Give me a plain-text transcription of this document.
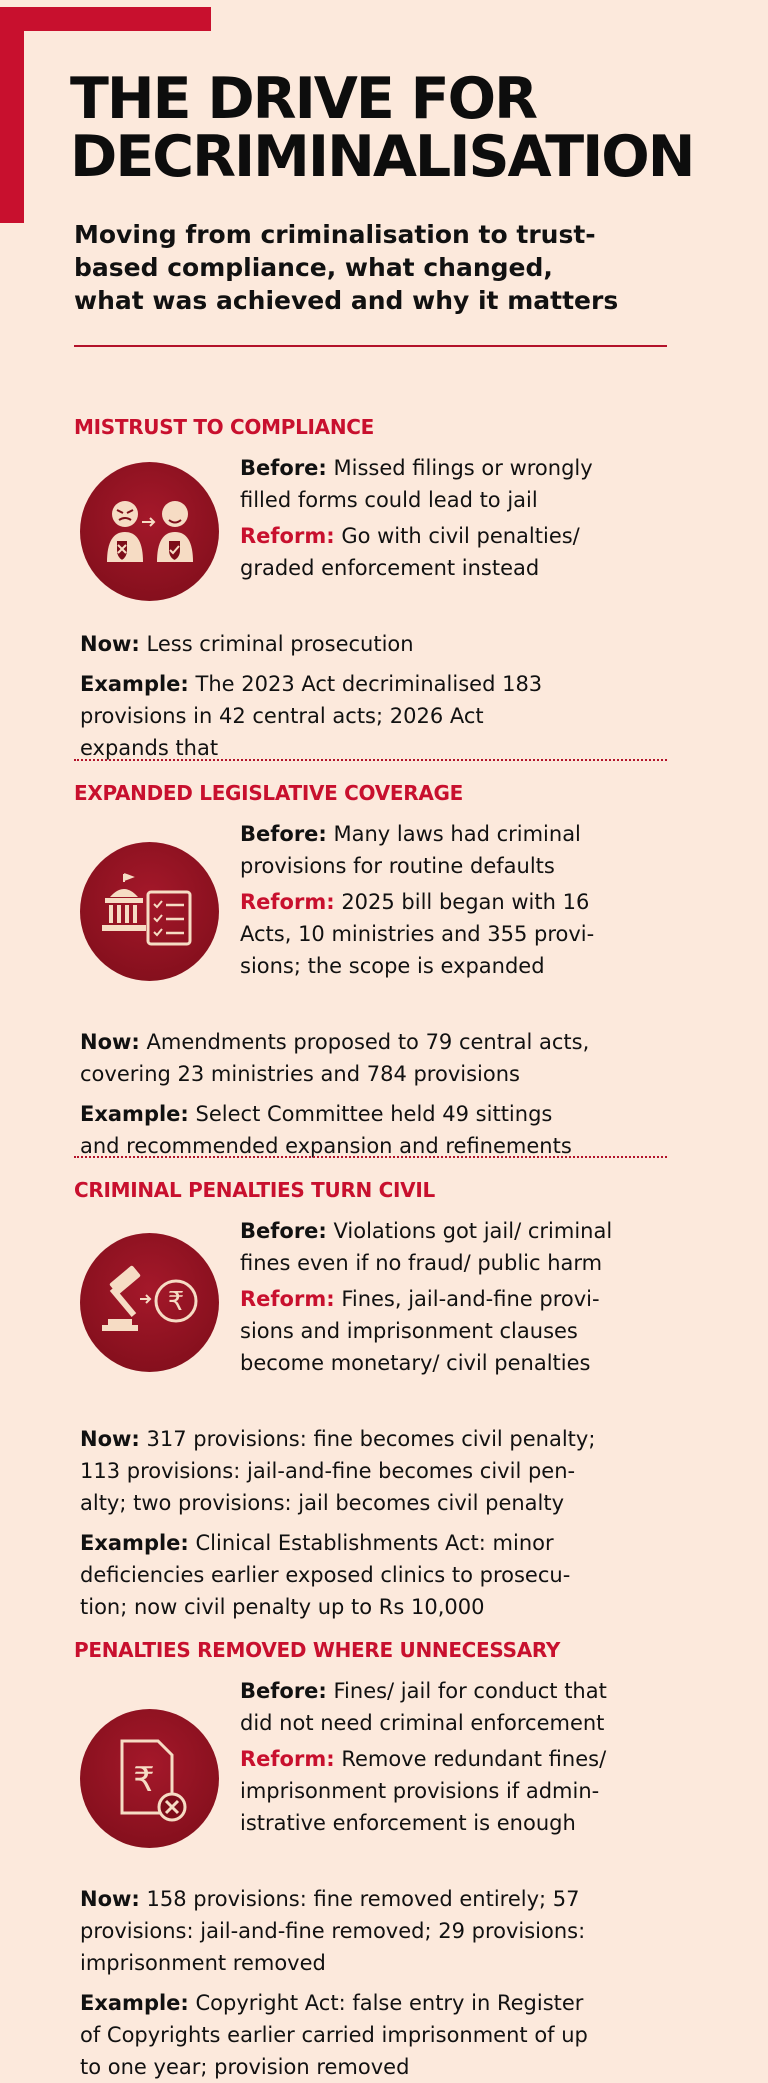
THE DRIVE FOR
DECRIMINALISATION
Moving from criminalisation to trust-
based compliance, what changed,
what was achieved and why it matters
MISTRUST TO COMPLIANCE

Before: Missed filings or wrongly

filled forms could lead to jail

Reform: Go with civil penalties/

graded enforcement instead

Now: Less criminal prosecution

Example: The 2023 Act decriminalised 183
provisions in 42 central acts; 2026 Act
expands that

EXPANDED LEGISLATIVE COVERAGE

Before: Many laws had criminal

provisions for routine defaults

Reform: 2025 bill began with 16

Acts, 10 ministries and 355 provi-

sions; the scope is expanded

Now: Amendments proposed to 79 central acts,
covering 23 ministries and 784 provisions

Example: Select Committee held 49 sittings
and recommended expansion and refinements

CRIMINAL PENALTIES TURN CIVIL
₹

Before: Violations got jail/ criminal

fines even if no fraud/ public harm

Reform: Fines, jail-and-fine provi-

sions and imprisonment clauses

become monetary/ civil penalties

Now: 317 provisions: fine becomes civil penalty;
113 provisions: jail-and-fine becomes civil pen-
alty; two provisions: jail becomes civil penalty

Example: Clinical Establishments Act: minor
deficiencies earlier exposed clinics to prosecu-
tion; now civil penalty up to Rs 10,000

PENALTIES REMOVED WHERE UNNECESSARY
₹

Before: Fines/ jail for conduct that

did not need criminal enforcement

Reform: Remove redundant fines/

imprisonment provisions if admin-

istrative enforcement is enough

Now: 158 provisions: fine removed entirely; 57
provisions: jail-and-fine removed; 29 provisions:
imprisonment removed

Example: Copyright Act: false entry in Register
of Copyrights earlier carried imprisonment of up
to one year; provision removed
